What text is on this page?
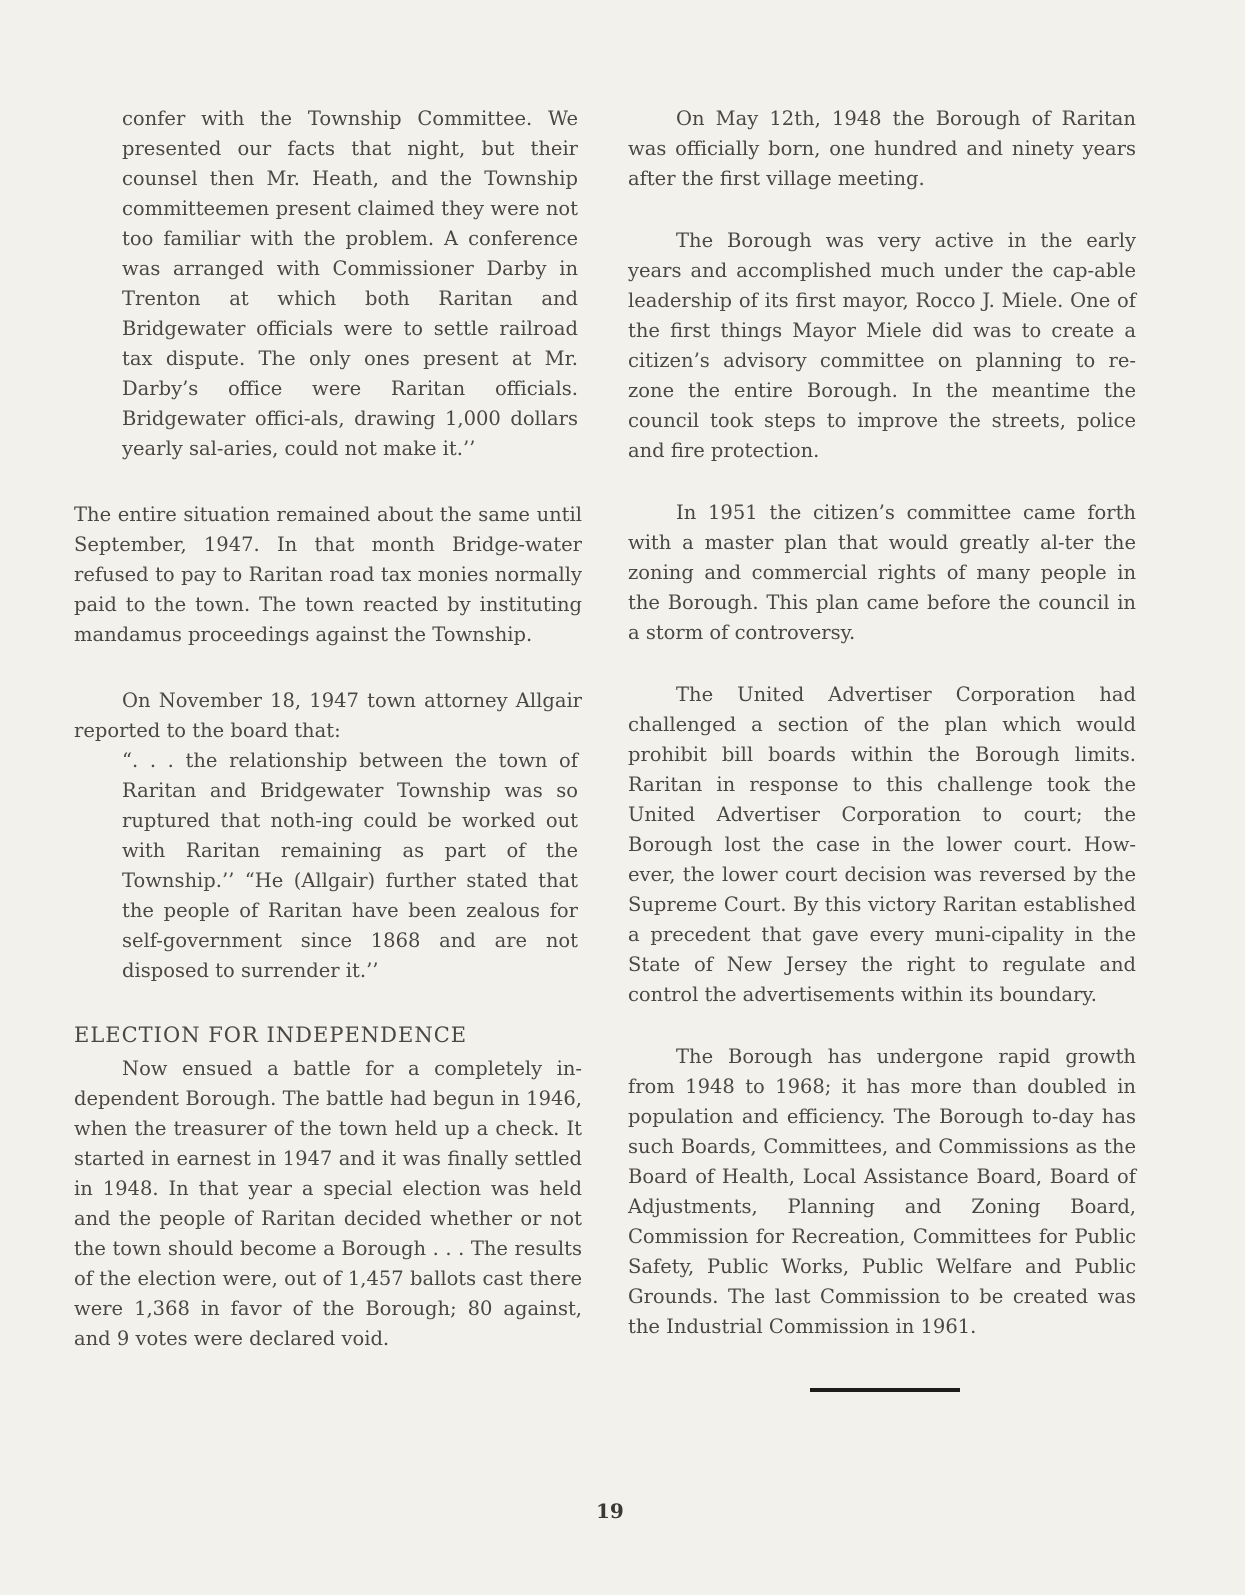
confer with the Township Committee. We presented our facts that night, but their counsel then Mr. Heath, and the Township committeemen present claimed they were not too familiar with the problem. A conference was arranged with Commissioner Darby in Trenton at which both Raritan and Bridgewater officials were to settle railroad tax dispute. The only ones present at Mr. Darby’s office were Raritan officials. Bridgewater offici-als, drawing 1,000 dollars yearly sal-aries, could not make it.’’

The entire situation remained about the same until September, 1947. In that month Bridge-water refused to pay to Raritan road tax monies normally paid to the town. The town reacted by instituting mandamus proceedings against the Township.

On November 18, 1947 town attorney Allgair reported to the board that:

“. . . the relationship between the town of Raritan and Bridgewater Township was so ruptured that noth-ing could be worked out with Raritan remaining as part of the Township.’’ “He (Allgair) further stated that the people of Raritan have been zealous for self-government since 1868 and are not disposed to surrender it.’’

ELECTION FOR INDEPENDENCE

Now ensued a battle for a completely in-dependent Borough. The battle had begun in 1946, when the treasurer of the town held up a check. It started in earnest in 1947 and it was finally settled in 1948. In that year a special election was held and the people of Raritan decided whether or not the town should become a Borough . . . The results of the election were, out of 1,457 ballots cast there were 1,368 in favor of the Borough; 80 against, and 9 votes were declared void.

On May 12th, 1948 the Borough of Raritan was officially born, one hundred and ninety years after the first village meeting.

The Borough was very active in the early years and accomplished much under the cap-able leadership of its first mayor, Rocco J. Miele. One of the first things Mayor Miele did was to create a citizen’s advisory committee on planning to re-zone the entire Borough. In the meantime the council took steps to improve the streets, police and fire protection.

In 1951 the citizen’s committee came forth with a master plan that would greatly al-ter the zoning and commercial rights of many people in the Borough. This plan came before the council in a storm of controversy.

The United Advertiser Corporation had challenged a section of the plan which would prohibit bill boards within the Borough limits. Raritan in response to this challenge took the United Advertiser Corporation to court; the Borough lost the case in the lower court. How-ever, the lower court decision was reversed by the Supreme Court. By this victory Raritan established a precedent that gave every muni-cipality in the State of New Jersey the right to regulate and control the advertisements within its boundary.

The Borough has undergone rapid growth from 1948 to 1968; it has more than doubled in population and efficiency. The Borough to-day has such Boards, Committees, and Commissions as the Board of Health, Local Assistance Board, Board of Adjustments, Planning and Zoning Board, Commission for Recreation, Committees for Public Safety, Public Works, Public Welfare and Public Grounds. The last Commission to be created was the Industrial Commission in 1961.

19
